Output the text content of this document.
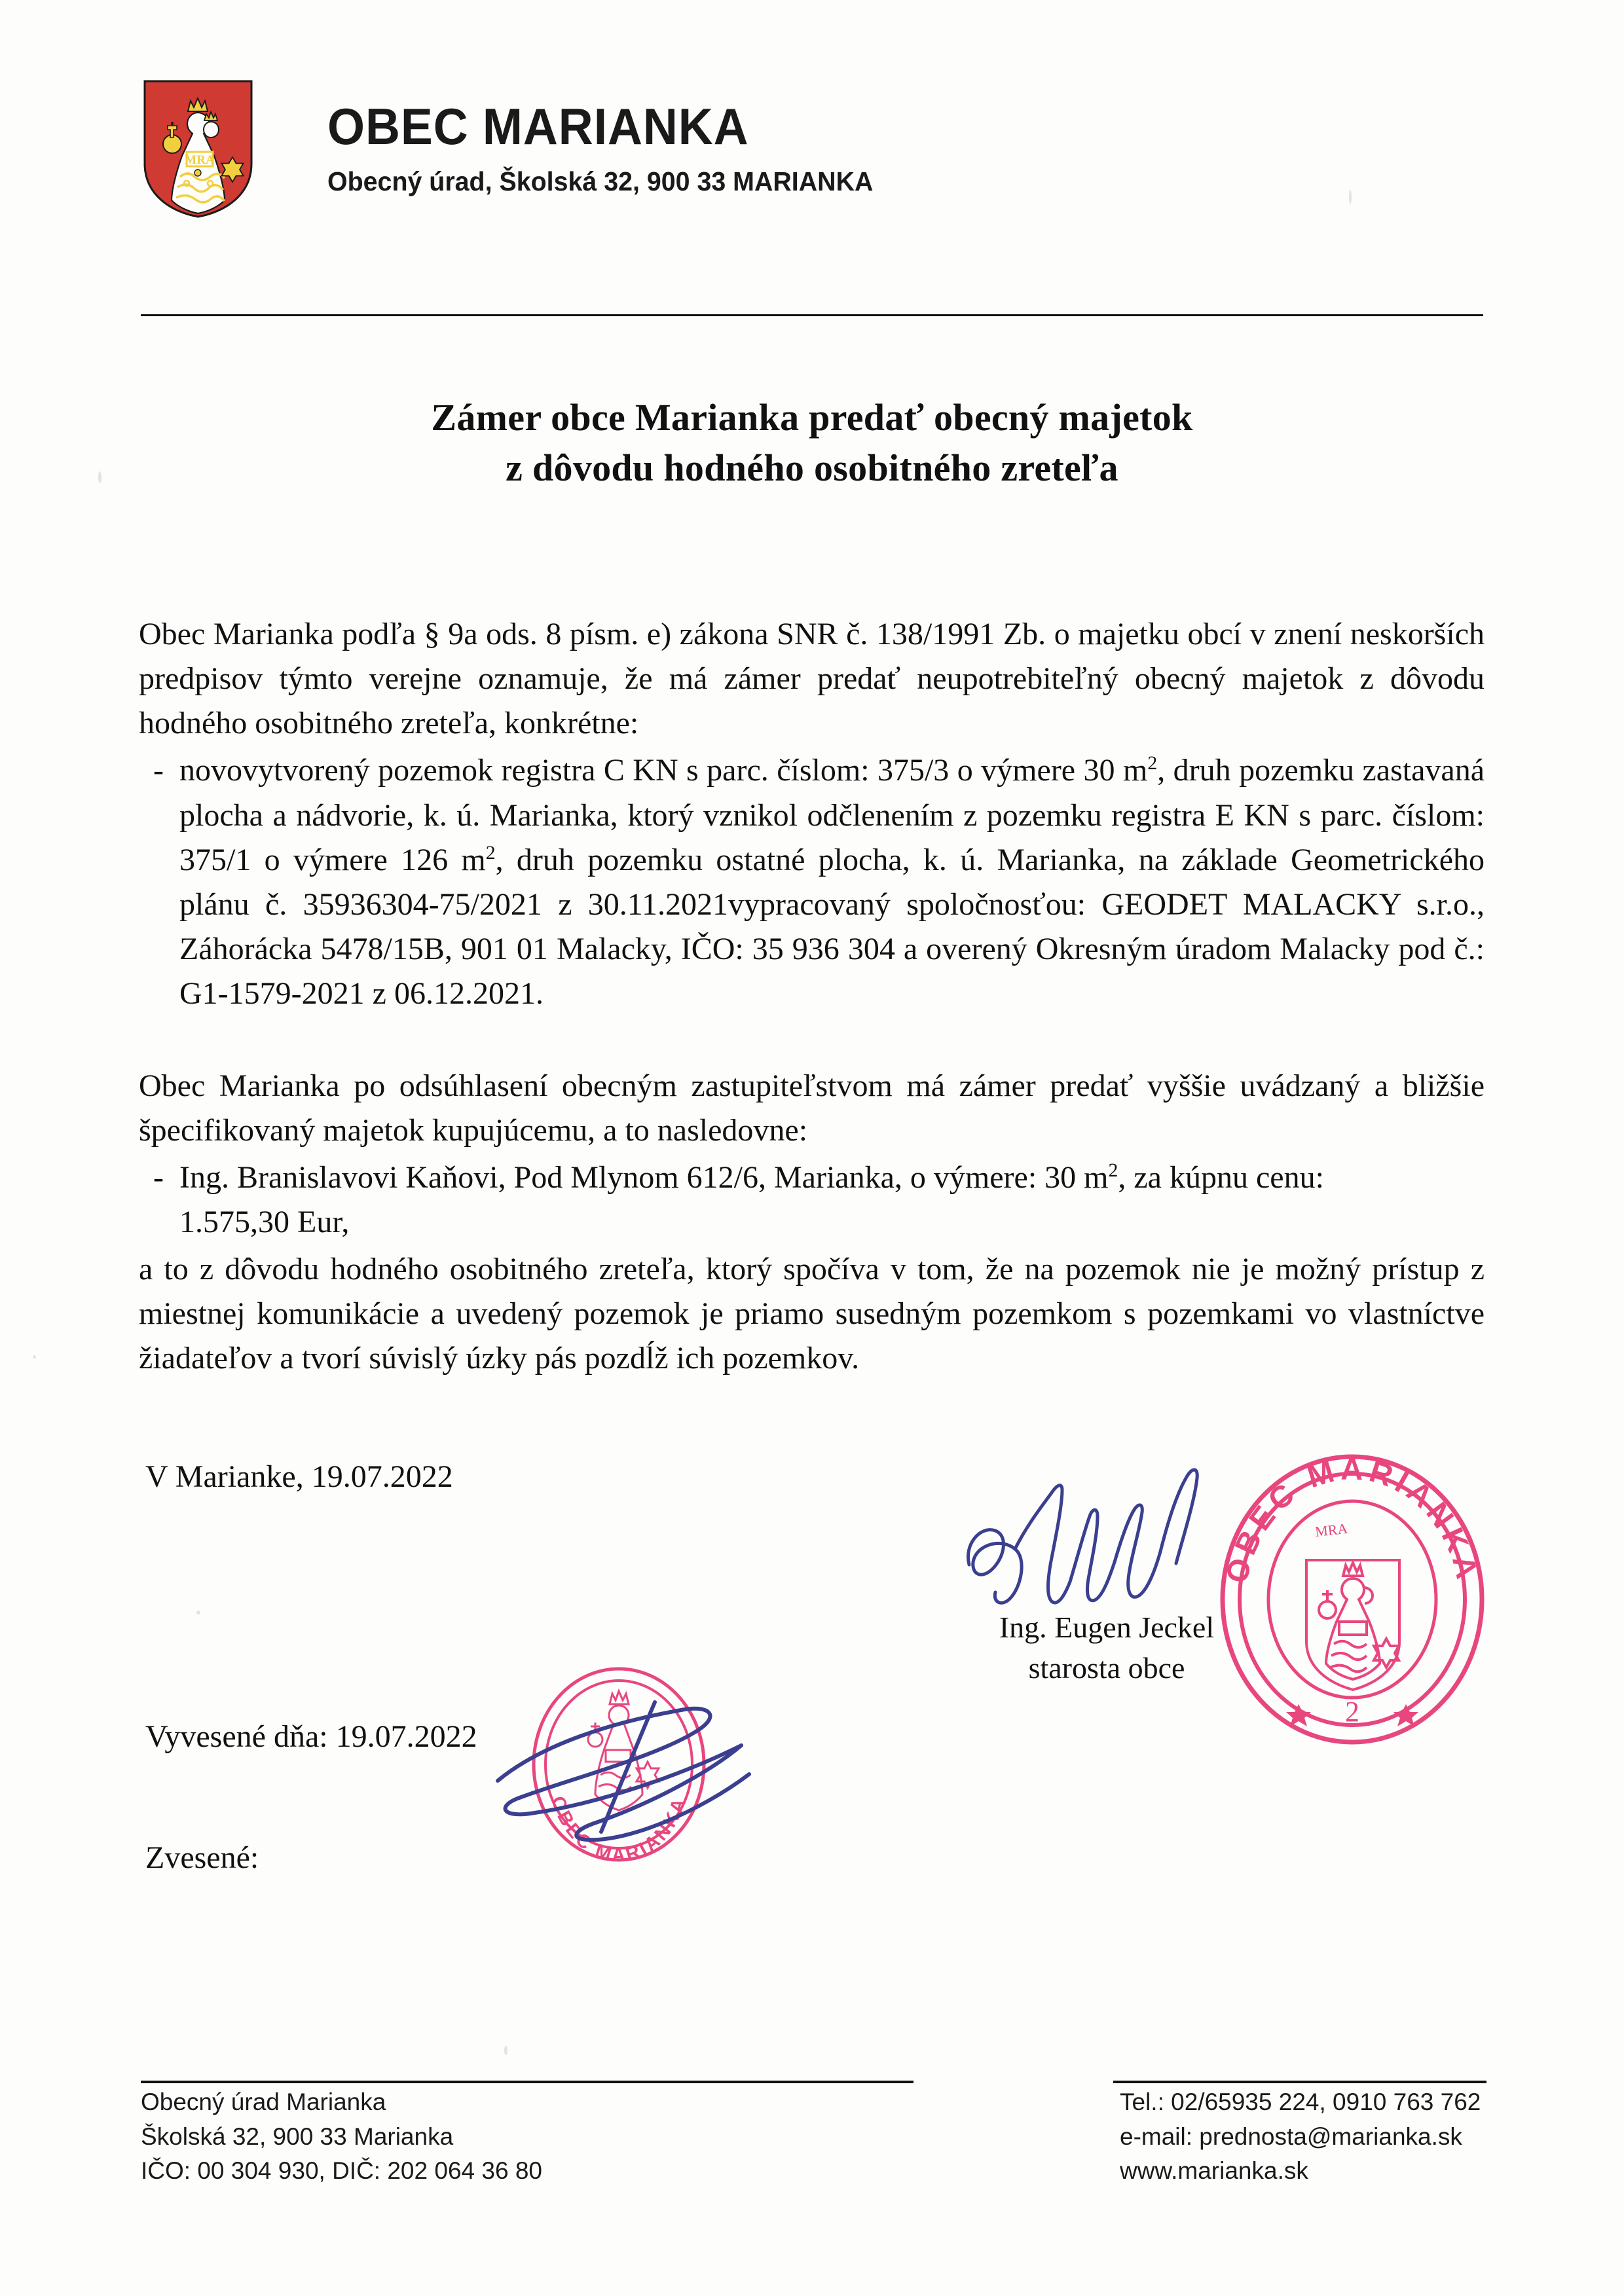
MRA
OBEC MARIANKA
Obecný úrad, Školská 32, 900 33 MARIANKA
Zámer obce Marianka predať obecný majetok
z dôvodu hodného osobitného zreteľa

Obec Marianka podľa § 9a ods. 8 písm. e) zákona SNR č. 138/1991 Zb. o majetku obcí v znení neskorších predpisov týmto verejne oznamuje, že má zámer predať neupotrebiteľný obecný majetok z dôvodu hodného osobitného zreteľa, konkrétne:

- novovytvorený pozemok registra C KN s parc. číslom: 375/3 o výmere 30 $m^2$, druh pozemku zastavaná plocha a nádvorie, k. ú. Marianka, ktorý vznikol odčlenením z pozemku registra E KN s parc. číslom: 375/1 o výmere 126 $m^2$, druh pozemku ostatné plocha, k. ú. Marianka, na základe Geometrického plánu č. 35936304-75/2021 z 30.11.2021vypracovaný spoločnosťou: GEODET MALACKY s.r.o., Záhorácka 5478/15B, 901 01 Malacky, IČO: 35 936 304 a overený Okresným úradom Malacky pod č.: G1-1579-2021 z 06.12.2021.

Obec Marianka po odsúhlasení obecným zastupiteľstvom má zámer predať vyššie uvádzaný a bližšie špecifikovaný majetok kupujúcemu, a to nasledovne:

- Ing. Branislavovi Kaňovi, Pod Mlynom 612/6, Marianka, o výmere: 30 $m^2$, za kúpnu cenu:
1.575,30 Eur,

a to z dôvodu hodného osobitného zreteľa, ktorý spočíva v tom, že na pozemok nie je možný prístup z miestnej komunikácie a uvedený pozemok je priamo susedným pozemkom s pozemkami vo vlastníctve žiadateľov a tvorí súvislý úzky pás pozdĺž ich pozemkov.

V Marianke, 19.07.2022
Ing. Eugen Jeckel
starosta obce
OBEC MARIANKA
MRA
2
Vyvesené dňa: 19.07.2022
OBEC MARIANKA
Zvesené:
Obecný úrad Marianka
Školská 32, 900 33 Marianka
IČO: 00 304 930, DIČ: 202 064 36 80
Tel.: 02/65935 224, 0910 763 762
e-mail: prednosta@marianka.sk
www.marianka.sk
